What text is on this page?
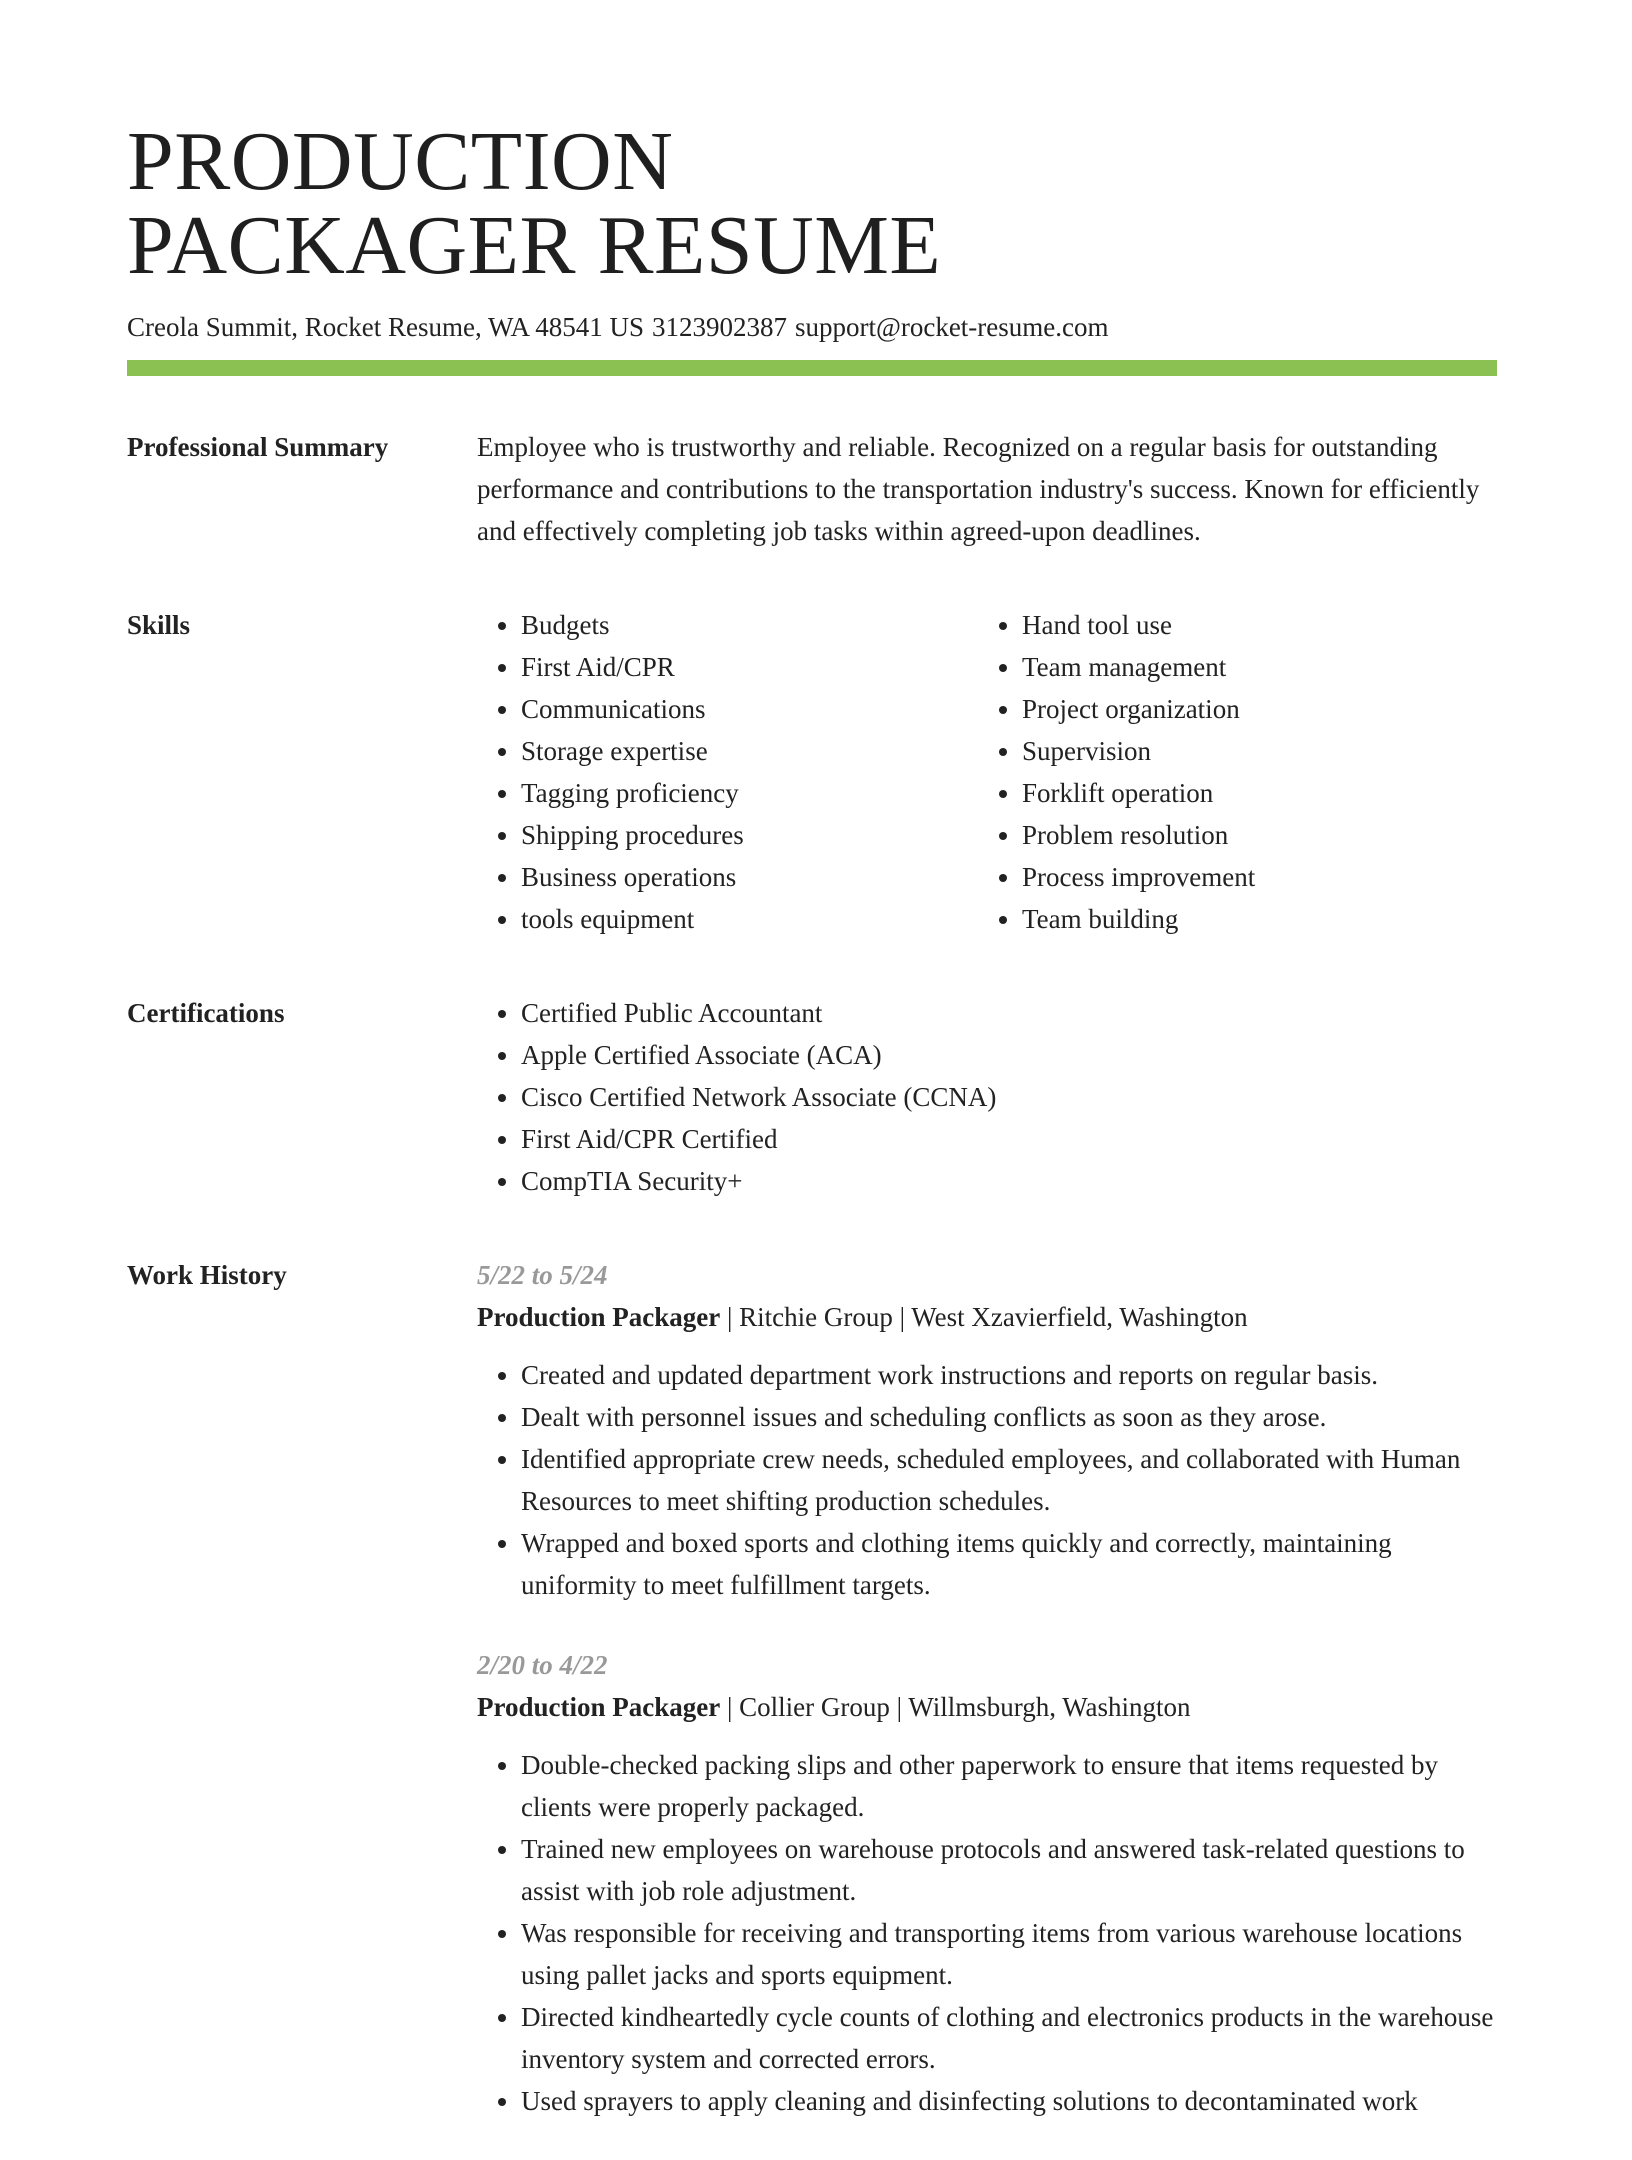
PRODUCTION
PACKAGER RESUME
Creola Summit, Rocket Resume, WA 48541 US 3123902387 support@rocket-resume.com
Professional Summary	Employee who is trustworthy and reliable. Recognized on a regular basis for outstanding performance and contributions to the transportation industry's success. Known for efficiently and effectively completing job tasks within agreed-upon deadlines.

Skills	• Budgets
• First Aid/CPR
• Communications
• Storage expertise
• Tagging proficiency
• Shipping procedures
• Business operations
• tools equipment
• Hand tool use
• Team management
• Project organization
• Supervision
• Forklift operation
• Problem resolution
• Process improvement
• Team building
Certifications	• Certified Public Accountant
• Apple Certified Associate (ACA)
• Cisco Certified Network Associate (CCNA)
• First Aid/CPR Certified
• CompTIA Security+
Work History	5/22 to 5/24
Production Packager | Ritchie Group | West Xzavierfield, Washington
• Created and updated department work instructions and reports on regular basis.
• Dealt with personnel issues and scheduling conflicts as soon as they arose.
• Identified appropriate crew needs, scheduled employees, and collaborated with Human Resources to meet shifting production schedules.
• Wrapped and boxed sports and clothing items quickly and correctly, maintaining uniformity to meet fulfillment targets.
2/20 to 4/22
Production Packager | Collier Group | Willmsburgh, Washington
• Double-checked packing slips and other paperwork to ensure that items requested by clients were properly packaged.
• Trained new employees on warehouse protocols and answered task-related questions to assist with job role adjustment.
• Was responsible for receiving and transporting items from various warehouse locations using pallet jacks and sports equipment.
• Directed kindheartedly cycle counts of clothing and electronics products in the warehouse inventory system and corrected errors.
• Used sprayers to apply cleaning and disinfecting solutions to decontaminated work
